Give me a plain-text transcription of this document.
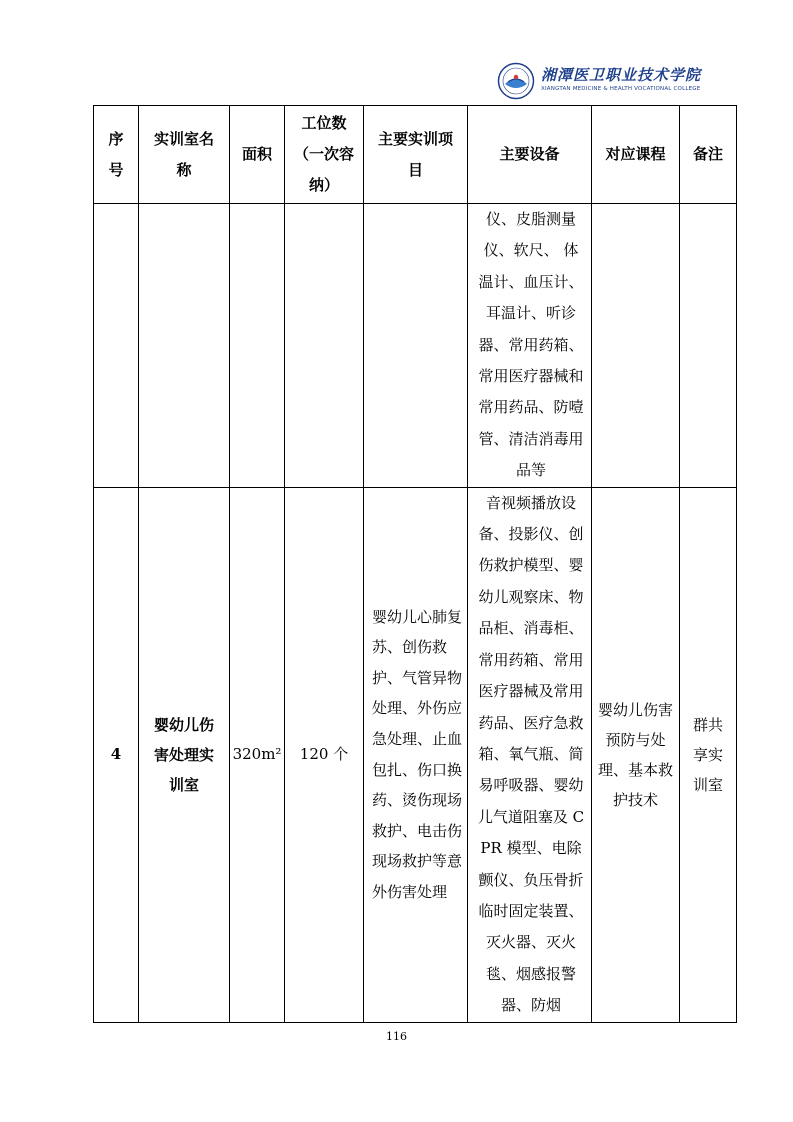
湘潭医卫职业技术学院
XIANGTAN MEDICINE & HEALTH VOCATIONAL COLLEGE
序号	实训室名称	面积	工位数（一次容纳）	主要实训项目	主要设备	对应课程	备注

					仪、皮脂测量仪、软尺、 体温计、血压计、耳温计、听诊器、常用药箱、常用医疗器械和常用药品、防噎管、清洁消毒用品等		

4	婴幼儿伤害处理实训室	320m²	120 个	婴幼儿心肺复苏、创伤救护、气管异物处理、外伤应急处理、止血包扎、伤口换药、烫伤现场救护、电击伤现场救护等意外伤害处理	音视频播放设备、投影仪、创伤救护模型、婴幼儿观察床、物品柜、消毒柜、常用药箱、常用医疗器械及常用药品、医疗急救箱、氧气瓶、简易呼吸器、婴幼儿气道阻塞及 CPR 模型、电除颤仪、负压骨折临时固定装置、灭火器、灭火毯、烟感报警器、防烟	婴幼儿伤害预防与处理、基本救护技术	群共享实训室
116
